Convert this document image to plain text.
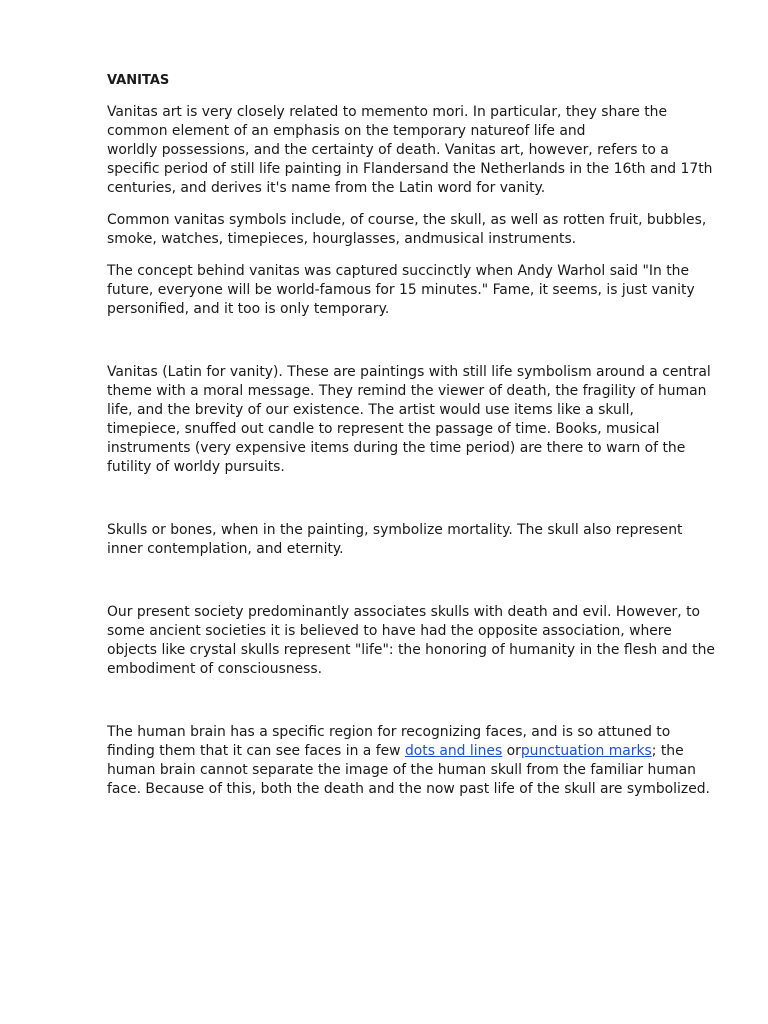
VANITAS

Vanitas art is very closely related to memento mori. In particular, they share the
common element of an emphasis on the temporary natureof life and
worldly possessions, and the certainty of death. Vanitas art, however, refers to a
specific period of still life painting in Flandersand the Netherlands in the 16th and 17th
centuries, and derives it's name from the Latin word for vanity.

Common vanitas symbols include, of course, the skull, as well as rotten fruit, bubbles,
smoke, watches, timepieces, hourglasses, andmusical instruments.

The concept behind vanitas was captured succinctly when Andy Warhol said "In the
future, everyone will be world-famous for 15 minutes." Fame, it seems, is just vanity
personified, and it too is only temporary.

Vanitas (Latin for vanity). These are paintings with still life symbolism around a central
theme with a moral message. They remind the viewer of death, the fragility of human
life, and the brevity of our existence. The artist would use items like a skull,
timepiece, snuffed out candle to represent the passage of time. Books, musical
instruments (very expensive items during the time period) are there to warn of the
futility of worldy pursuits.

Skulls or bones, when in the painting, symbolize mortality. The skull also represent
inner contemplation, and eternity.

Our present society predominantly associates skulls with death and evil. However, to
some ancient societies it is believed to have had the opposite association, where
objects like crystal skulls represent "life": the honoring of humanity in the flesh and the
embodiment of consciousness.

The human brain has a specific region for recognizing faces, and is so attuned to
finding them that it can see faces in a few dots and lines orpunctuation marks; the
human brain cannot separate the image of the human skull from the familiar human
face. Because of this, both the death and the now past life of the skull are symbolized.
